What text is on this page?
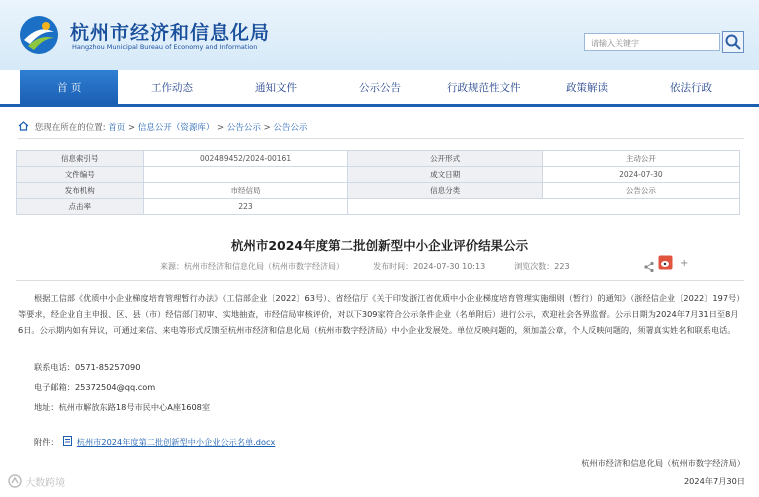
杭州市经济和信息化局
Hangzhou Municipal Bureau of Economy and Information	请输入关键字
首 页	工作动态	通知文件	公示公告	行政规范性文件	政策解读	依法行政
您现在所在的位置: 首页 > 信息公开（资源库） > 公告公示 > 公告公示
信息索引号	002489452/2024-00161	公开形式	主动公开
文件编号		成文日期	2024-07-30
发布机构	市经信局	信息分类	公告公示
点击率	223		
杭州市2024年度第二批创新型中小企业评价结果公示
来源：杭州市经济和信息化局（杭州市数字经济局）	发布时间：2024-07-30 10:13	浏览次数：223	+
根据工信部《优质中小企业梯度培育管理暂行办法》（工信部企业〔2022〕63号）、省经信厅《关于印发浙江省优质中小企业梯度培育管理实施细则（暂行）的通知》（浙经信企业〔2022〕197号）等要求，经企业自主申报、区、县（市）经信部门初审、实地抽查，市经信局审核评价，对以下309家符合公示条件企业（名单附后）进行公示，欢迎社会各界监督。公示日期为2024年7月31日至8月6日。公示期内如有异议，可通过来信、来电等形式反馈至杭州市经济和信息化局（杭州市数字经济局）中小企业发展处。单位反映问题的，须加盖公章，个人反映问题的，须署真实姓名和联系电话。
联系电话：0571-85257090
电子邮箱：25372504@qq.com
地址：杭州市解放东路18号市民中心A座1608室
附件： 杭州市2024年度第二批创新型中小企业公示名单.docx
杭州市经济和信息化局（杭州市数字经济局）
2024年7月30日
大数跨境
